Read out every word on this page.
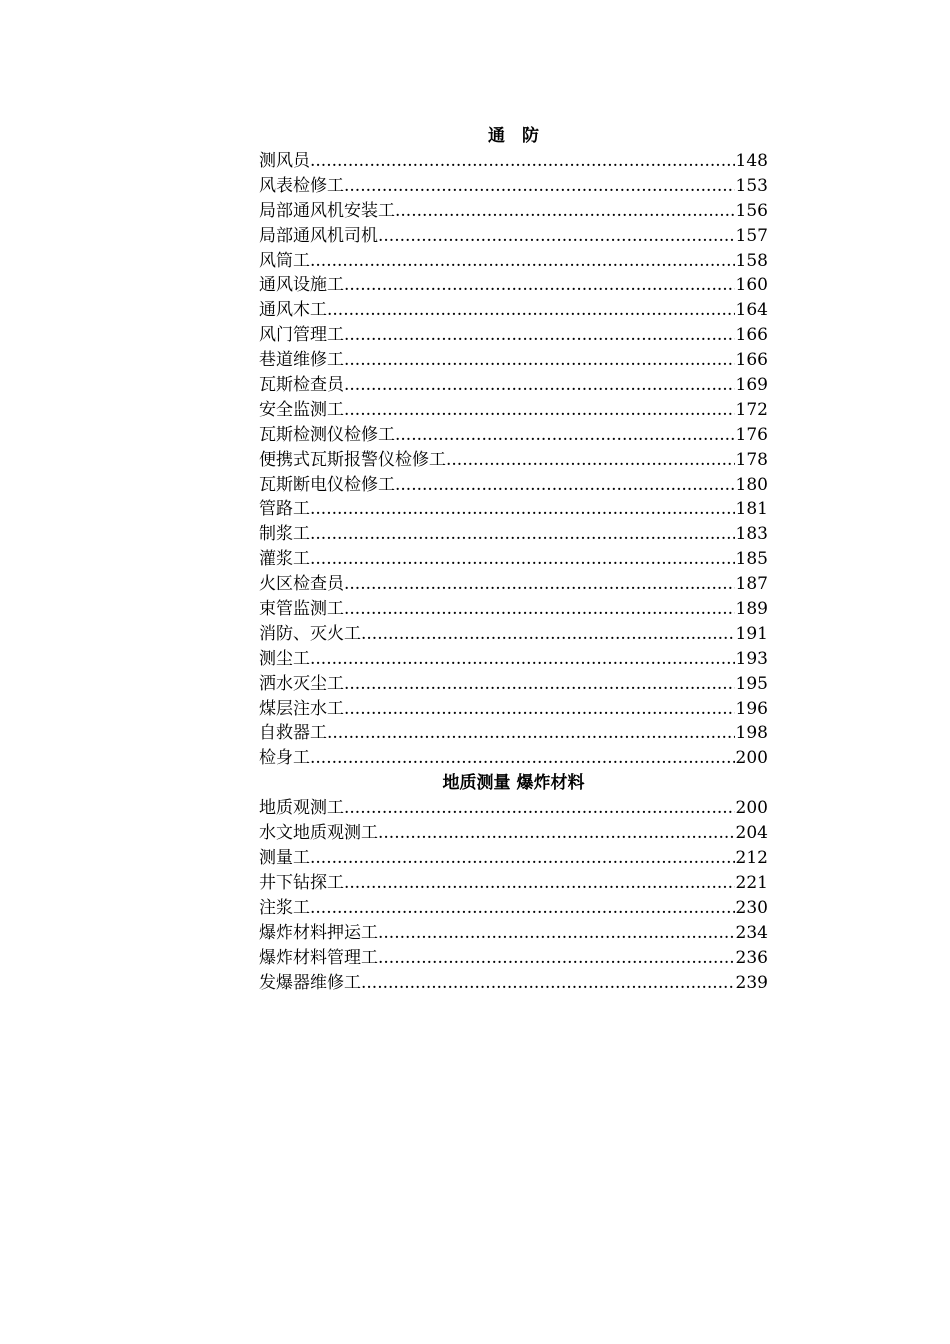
通　防
测风员 .....	148
风表检修工 .....	153
局部通风机安装工 .....	156
局部通风机司机 .....	157
风筒工 .....	158
通风设施工 .....	160
通风木工 .....	164
风门管理工 .....	166
巷道维修工 .....	166
瓦斯检查员 .....	169
安全监测工 .....	172
瓦斯检测仪检修工 .....	176
便携式瓦斯报警仪检修工 .....	178
瓦斯断电仪检修工 .....	180
管路工 .....	181
制浆工 .....	183
灌浆工 .....	185
火区检查员 .....	187
束管监测工 .....	189
消防、灭火工 .....	191
测尘工 .....	193
洒水灭尘工 .....	195
煤层注水工 .....	196
自救器工 .....	198
检身工 .....	200
地质测量 爆炸材料
地质观测工 .....	200
水文地质观测工 .....	204
测量工 .....	212
井下钻探工 .....	221
注浆工 .....	230
爆炸材料押运工 .....	234
爆炸材料管理工 .....	236
发爆器维修工 .....	239
